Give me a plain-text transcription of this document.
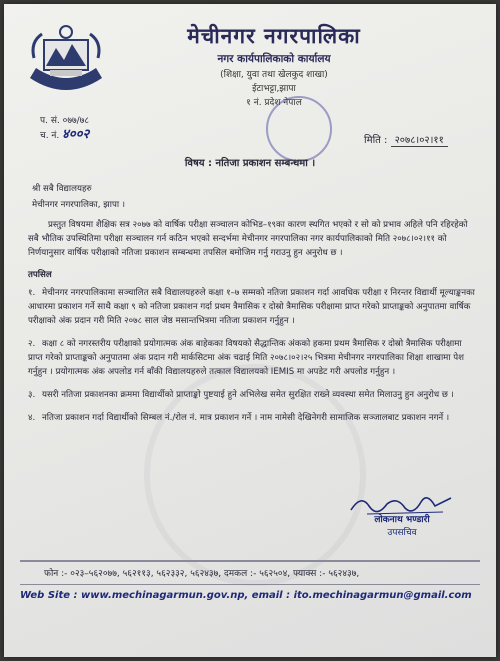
मेचीनगर नगरपालिका
नगर कार्यपालिकाको कार्यालय
(शिक्षा, युवा तथा खेलकुद शाखा)
ईटाभट्टा,झापा
१ नं. प्रदेश नेपाल
प. सं. ०७७/७८
च. नं. ४००२	मिति : २०७८।०२।११
विषय : नतिजा प्रकाशन सम्बन्धमा ।
श्री सबै विद्यालयहरु
मेचीनगर नगरपालिका, झापा ।
प्रस्तुत विषयमा शैक्षिक सत्र २०७७ को वार्षिक परीक्षा सञ्चालन कोभिड–१९का कारण स्थगित भएको र सो को प्रभाव अहिले पनि रहिरहेको सबै भौतिक उपस्थितिमा परीक्षा सञ्चालन गर्न कठिन भएको सन्दर्भमा मेचीनगर नगरपालिका नगर कार्यपालिकाको मिति २०७८।०२।११ को निर्णयानुसार वार्षिक परीक्षाको नतिजा प्रकाशन सम्बन्धमा तपसिल बमोजिम गर्नु गराउनु हुन अनुरोध छ ।
तपसिल
१. मेचीनगर नगरपालिकामा सञ्चालित सबै विद्यालयहरुले कक्षा १–७ सम्मको नतिजा प्रकाशन गर्दा आवधिक परीक्षा र निरन्तर विद्यार्थी मूल्याङ्कनका आधारमा प्रकाशन गर्ने साथै कक्षा ९ को नतिजा प्रकाशन गर्दा प्रथम त्रैमासिक र दोस्रो त्रैमासिक परीक्षामा प्राप्त गरेको प्राप्ताङ्कको अनुपातमा वार्षिक परीक्षाको अंक प्रदान गरी मिति २०७८ साल जेष्ठ मसान्तभित्रमा नतिजा प्रकाशन गर्नुहुन ।
२. कक्षा ८ को नगरस्तरीय परीक्षाको प्रयोगात्मक अंक बाहेकका विषयको सैद्धान्तिक अंकको हकमा प्रथम त्रैमासिक र दोस्रो त्रैमासिक परीक्षामा प्राप्त गरेको प्राप्ताङ्कको अनुपातमा अंक प्रदान गरी मार्कसिटमा अंक चढाई मिति २०७८।०२।२५ भित्रमा मेचीनगर नगरपालिका शिक्षा शाखामा पेश गर्नुहुन । प्रयोगात्मक अंक अपलोड गर्न बाँकी विद्यालयहरुले तत्काल विद्यालयको IEMIS मा अपडेट गरी अपलोड गर्नुहुन ।
३. यसरी नतिजा प्रकाशनका क्रममा विद्यार्थीको प्राप्ताङ्को पुष्टयाई हुने अभिलेख समेत सुरक्षित राख्ने व्यवस्था समेत मिलाउनु हुन अनुरोध छ ।
४. नतिजा प्रकाशन गर्दा विद्यार्थीको सिम्बल नं./रोल नं. मात्र प्रकाशन गर्ने । नाम नामेसी देखिनेगरी सामाजिक सञ्जालबाट प्रकाशन नगर्ने ।
लोकनाथ भण्डारी
उपसचिव
फोन :- ०२३–५६२०७७, ५६२११३, ५६२३३२, ५६२४३७, दमकल :- ५६२५०४, फ्याक्स :- ५६२४३७,
Web Site : www.mechinagarmun.gov.np, email : ito.mechinagarmun@gmail.com
